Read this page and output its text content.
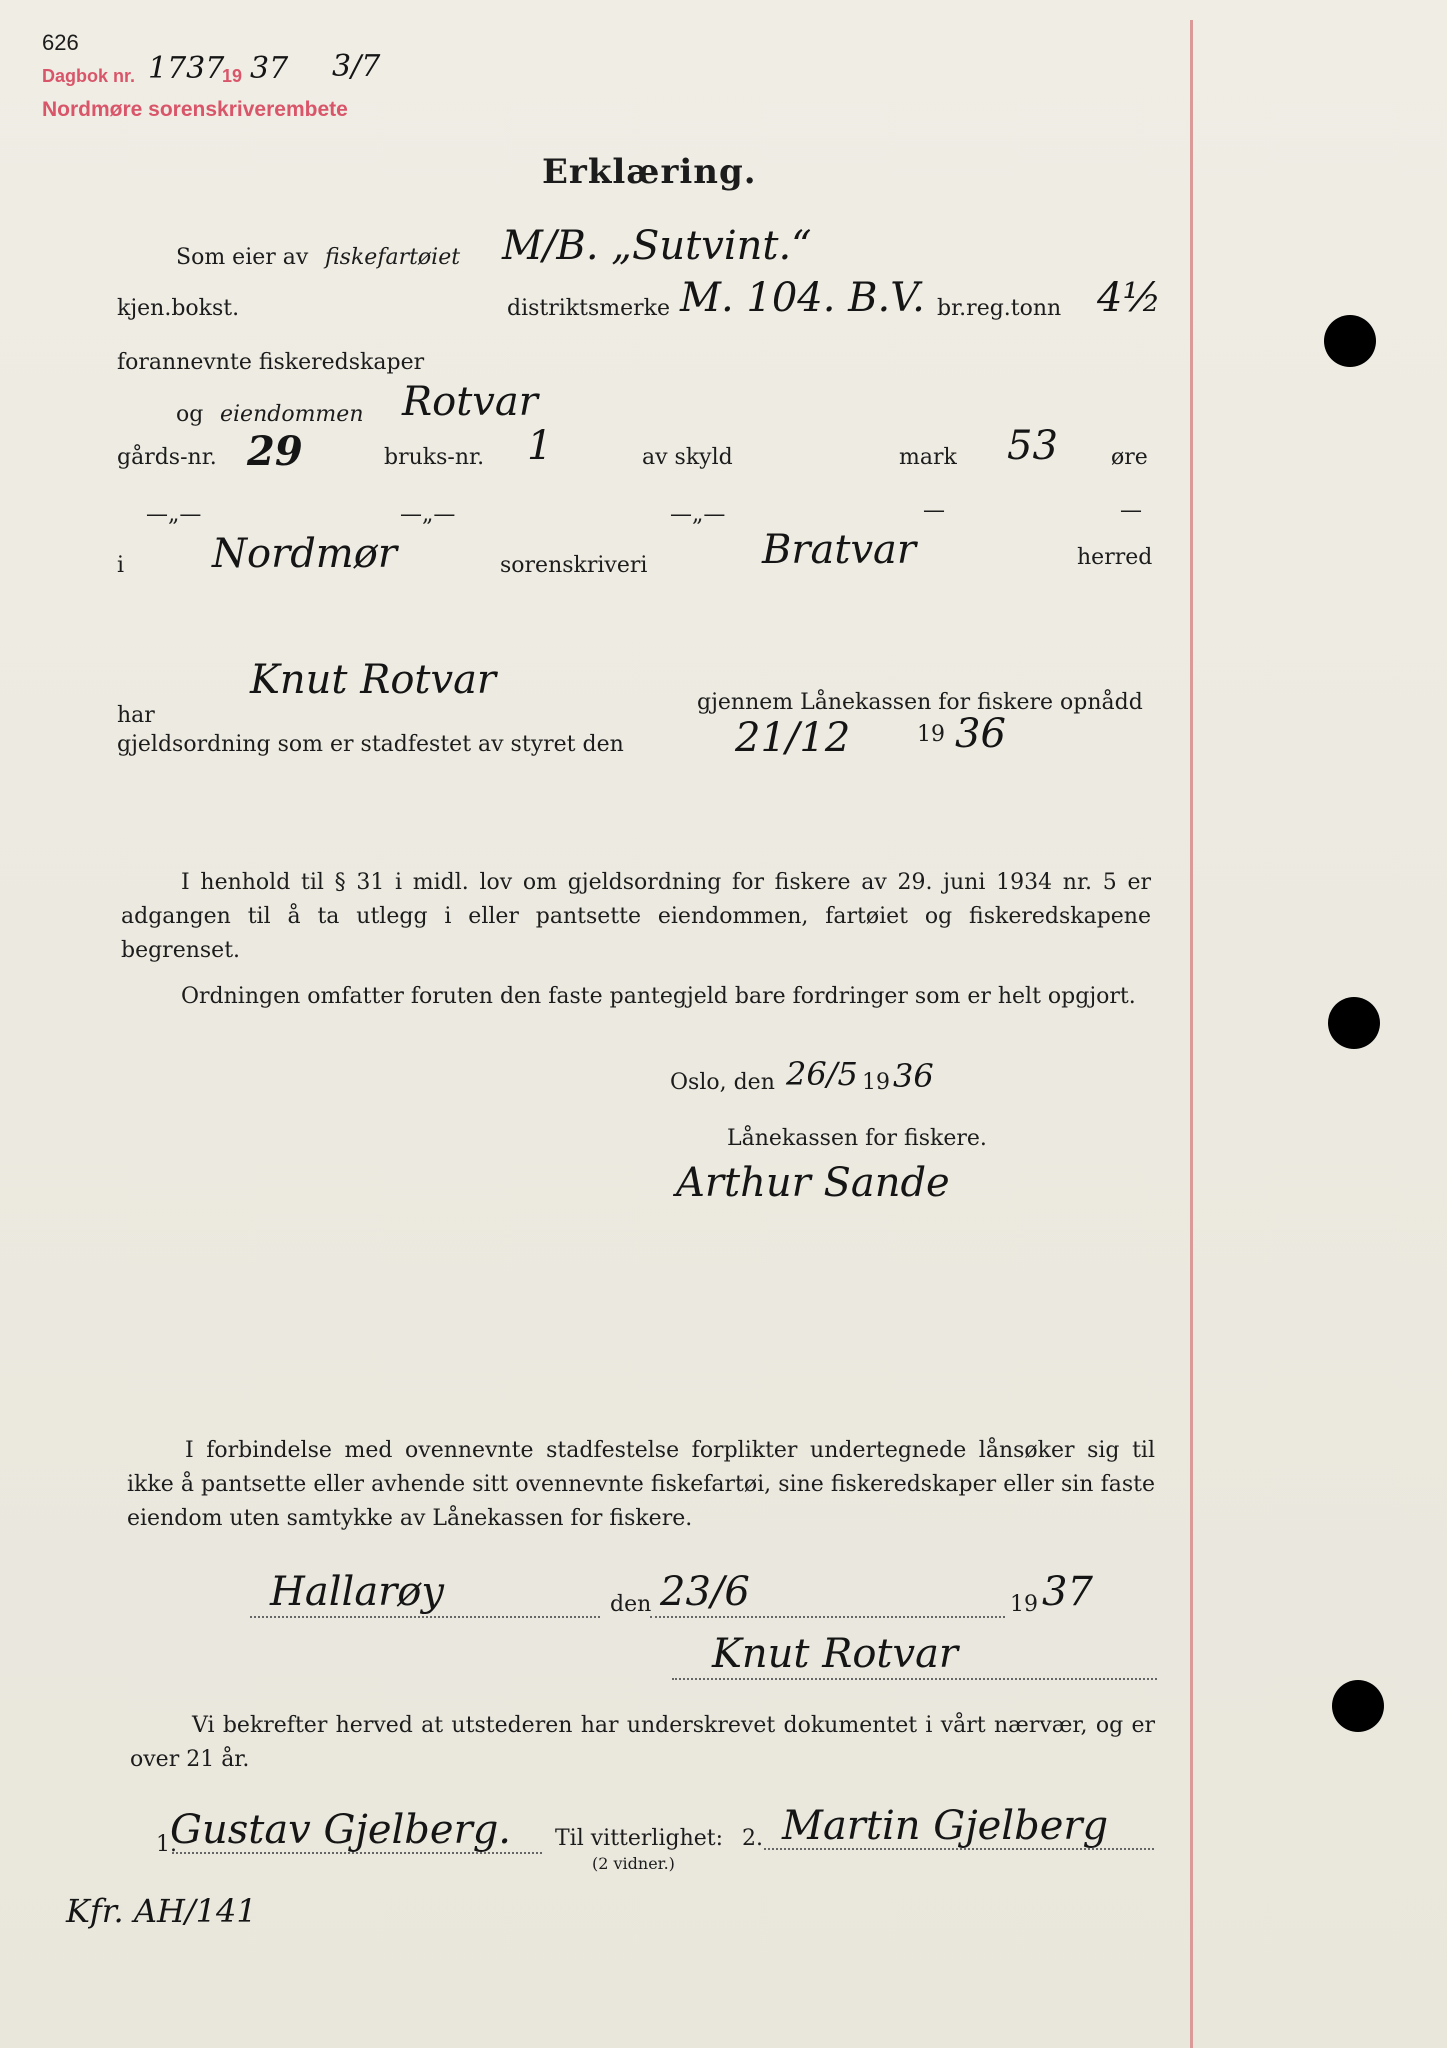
626
Dagbok nr. 1737
19 37 3/7
Nordmøre sorenskriverembete
Erklæring.
Som eier av fiskefartøiet M/B. „Sutvint.“
kjen.bokst.	distriktsmerke M. 104. B.V. br.reg.tonn 4½
forannevnte fiskeredskaper
og eiendommen Rotvar
gårds-nr. 29	bruks-nr. 1	av skyld	mark 53 øre
—„—	—„—	—„—	—	—
i Nordmør	sorenskriveri	Bratvar	herred
Knut Rotvar
har
gjennem Lånekassen for fiskere opnådd
gjeldsordning som er stadfestet av styret den	21/12	19 36
I henhold til § 31 i midl. lov om gjeldsordning for fiskere av 29. juni 1934 nr. 5 er adgangen til å ta utlegg i eller pantsette eiendommen, fartøiet og fiskeredskapene begrenset.
Ordningen omfatter foruten den faste pantegjeld bare fordringer som er helt opgjort.
Oslo, den 26/5 19 36
Lånekassen for fiskere.
Arthur Sande
I forbindelse med ovennevnte stadfestelse forplikter undertegnede lånsøker sig til ikke å pantsette eller avhende sitt ovennevnte fiskefartøi, sine fiskeredskaper eller sin faste eiendom uten samtykke av Lånekassen for fiskere.
Hallarøy	den 23/6	19 37
Knut Rotvar
Vi bekrefter herved at utstederen har underskrevet dokumentet i vårt nærvær, og er over 21 år.
1.
Gustav Gjelberg. Til vitterlighet:
(2 vidner.)
2. Martin Gjelberg
Kfr. AH/141
